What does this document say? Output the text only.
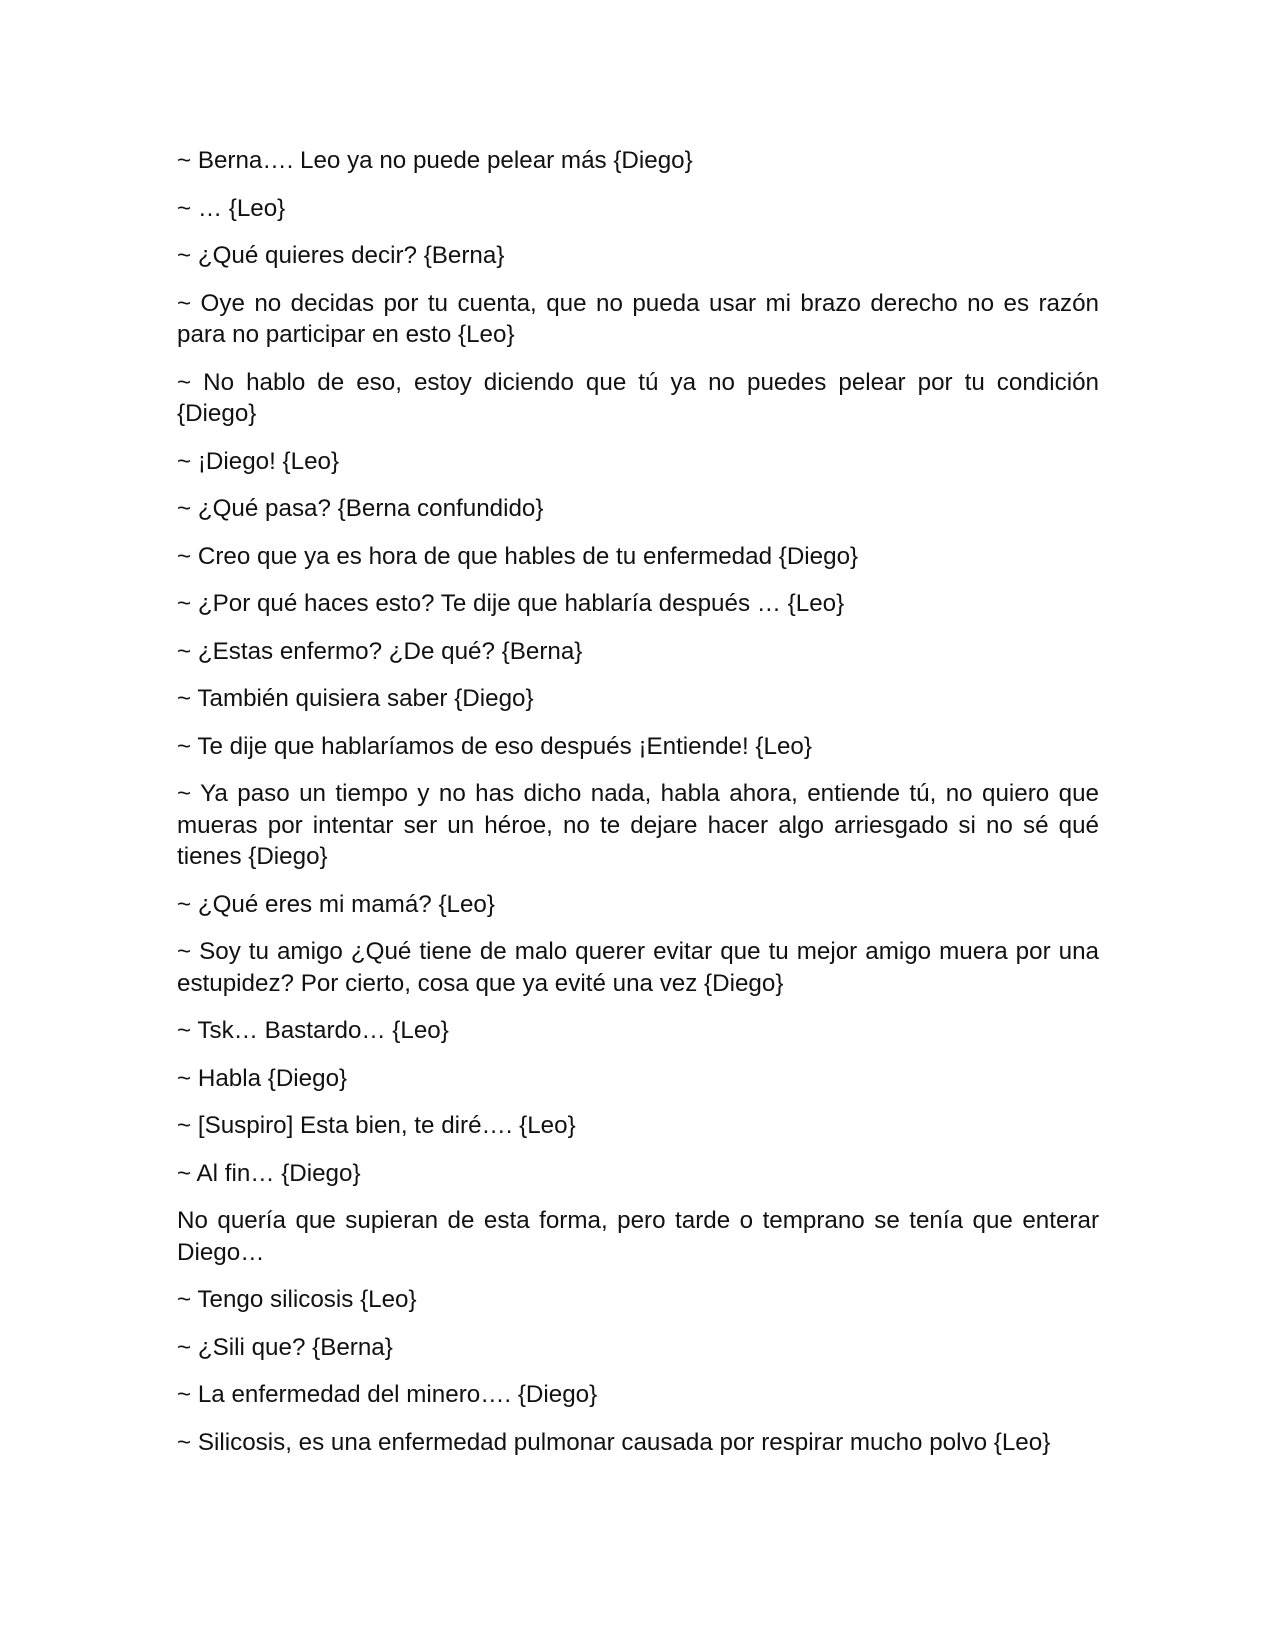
~ Berna…. Leo ya no puede pelear más {Diego}

~ … {Leo}

~ ¿Qué quieres decir? {Berna}

~ Oye no decidas por tu cuenta, que no pueda usar mi brazo derecho no es razón para no participar en esto {Leo}

~ No hablo de eso, estoy diciendo que tú ya no puedes pelear por tu condición {Diego}

~ ¡Diego! {Leo}

~ ¿Qué pasa? {Berna confundido}

~ Creo que ya es hora de que hables de tu enfermedad {Diego}

~ ¿Por qué haces esto? Te dije que hablaría después … {Leo}

~ ¿Estas enfermo? ¿De qué? {Berna}

~ También quisiera saber {Diego}

~ Te dije que hablaríamos de eso después ¡Entiende! {Leo}

~ Ya paso un tiempo y no has dicho nada, habla ahora, entiende tú, no quiero que mueras por intentar ser un héroe, no te dejare hacer algo arriesgado si no sé qué tienes {Diego}

~ ¿Qué eres mi mamá? {Leo}

~ Soy tu amigo ¿Qué tiene de malo querer evitar que tu mejor amigo muera por una estupidez? Por cierto, cosa que ya evité una vez {Diego}

~ Tsk… Bastardo… {Leo}

~ Habla {Diego}

~ [Suspiro] Esta bien, te diré…. {Leo}

~ Al fin… {Diego}

No quería que supieran de esta forma, pero tarde o temprano se tenía que enterar Diego…

~ Tengo silicosis {Leo}

~ ¿Sili que? {Berna}

~ La enfermedad del minero…. {Diego}

~ Silicosis, es una enfermedad pulmonar causada por respirar mucho polvo {Leo}
